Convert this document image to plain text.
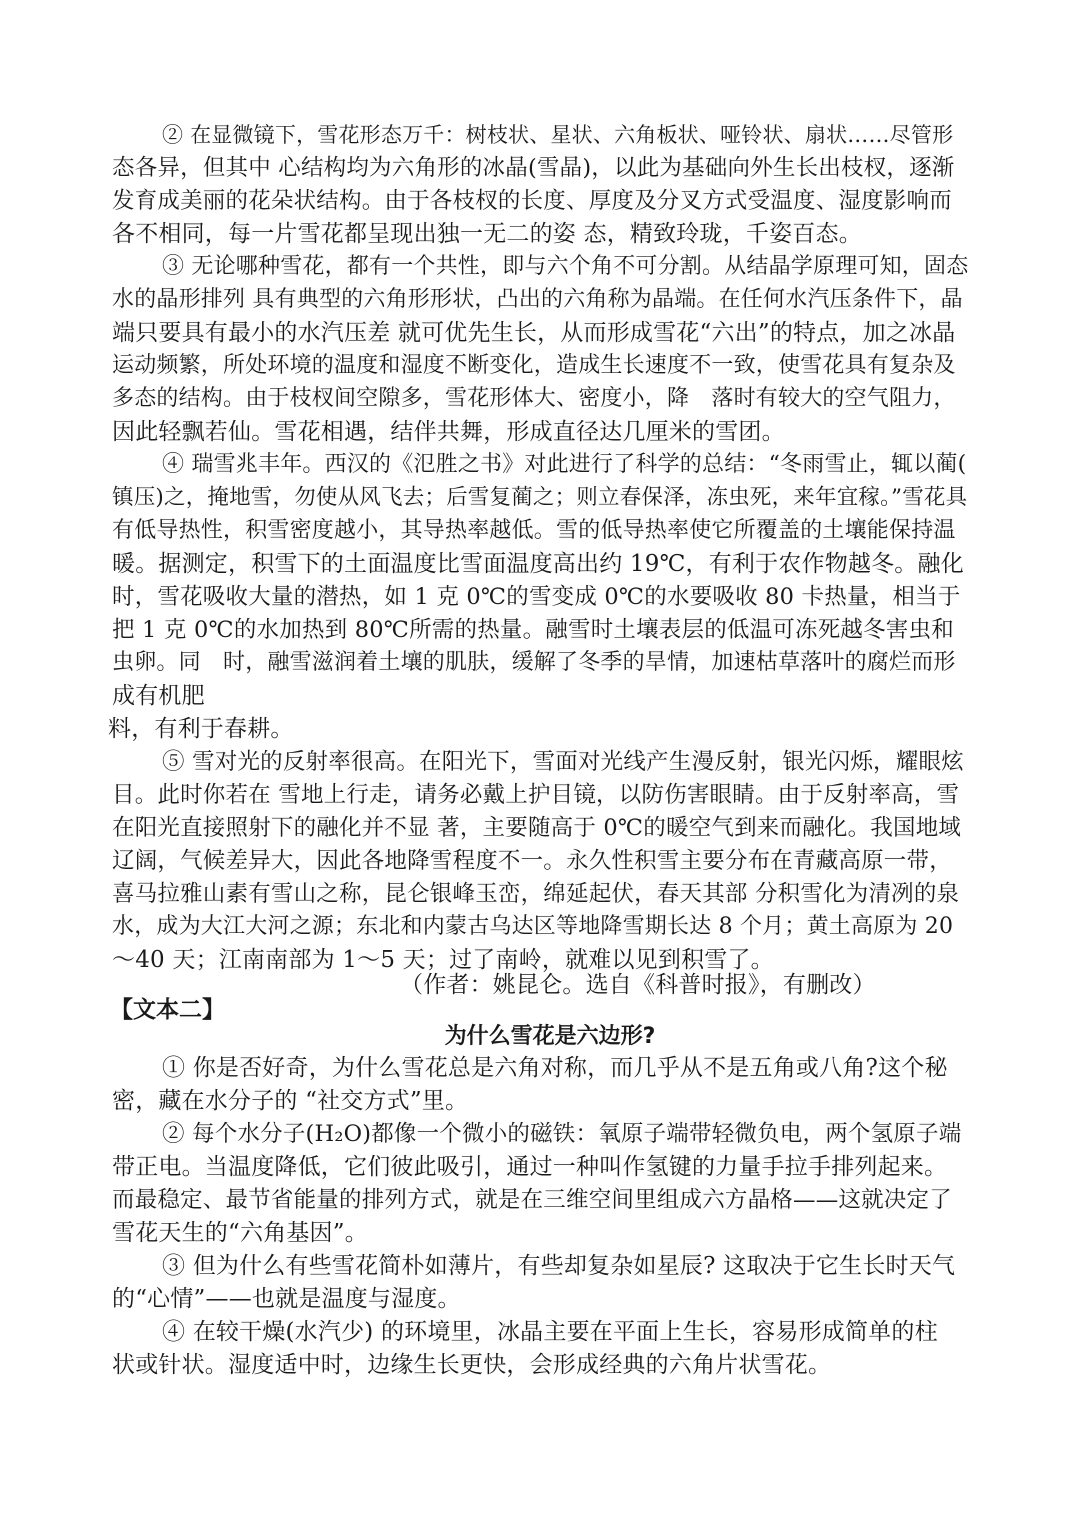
② 在显微镜下，雪花形态万千：树枝状、星状、六角板状、哑铃状、扇状……尽管形
态各异，但其中 心结构均为六角形的冰晶(雪晶)，以此为基础向外生长出枝杈，逐渐
发育成美丽的花朵状结构。由于各枝杈的长度、厚度及分叉方式受温度、湿度影响而
各不相同，每一片雪花都呈现出独一无二的姿 态，精致玲珑，千姿百态。
③ 无论哪种雪花，都有一个共性，即与六个角不可分割。从结晶学原理可知，固态
水的晶形排列 具有典型的六角形形状，凸出的六角称为晶端。在任何水汽压条件下，晶
端只要具有最小的水汽压差 就可优先生长，从而形成雪花“六出”的特点，加之冰晶
运动频繁，所处环境的温度和湿度不断变化，造成生长速度不一致，使雪花具有复杂及
多态的结构。由于枝杈间空隙多，雪花形体大、密度小，降　落时有较大的空气阻力，
因此轻飘若仙。雪花相遇，结伴共舞，形成直径达几厘米的雪团。
④ 瑞雪兆丰年。西汉的《氾胜之书》对此进行了科学的总结：“冬雨雪止，辄以蔺(
镇压)之，掩地雪，勿使从风飞去；后雪复蔺之；则立春保泽，冻虫死，来年宜稼。”雪花具
有低导热性，积雪密度越小，其导热率越低。雪的低导热率使它所覆盖的土壤能保持温
暖。据测定，积雪下的土面温度比雪面温度高出约 19℃，有利于农作物越冬。融化
时，雪花吸收大量的潜热，如 1 克 0℃的雪变成 0℃的水要吸收 80 卡热量，相当于
把 1 克 0℃的水加热到 80℃所需的热量。融雪时土壤表层的低温可冻死越冬害虫和
虫卵。同　时，融雪滋润着土壤的肌肤，缓解了冬季的旱情，加速枯草落叶的腐烂而形
成有机肥
料，有利于春耕。
⑤ 雪对光的反射率很高。在阳光下，雪面对光线产生漫反射，银光闪烁，耀眼炫
目。此时你若在 雪地上行走，请务必戴上护目镜，以防伤害眼睛。由于反射率高，雪
在阳光直接照射下的融化并不显 著，主要随高于 0℃的暖空气到来而融化。我国地域
辽阔，气候差异大，因此各地降雪程度不一。永久性积雪主要分布在青藏高原一带，
喜马拉雅山素有雪山之称，昆仑银峰玉峦，绵延起伏，春天其部 分积雪化为清冽的泉
水，成为大江大河之源；东北和内蒙古乌达区等地降雪期长达 8 个月；黄土高原为 20
～40 天；江南南部为 1～5 天；过了南岭，就难以见到积雪了。
（作者：姚昆仑。选自《科普时报》，有删改）
【文本二】
为什么雪花是六边形?
① 你是否好奇，为什么雪花总是六角对称，而几乎从不是五角或八角?这个秘
密，藏在水分子的 “社交方式”里。
② 每个水分子(H₂O)都像一个微小的磁铁：氧原子端带轻微负电，两个氢原子端
带正电。当温度降低，它们彼此吸引，通过一种叫作氢键的力量手拉手排列起来。
而最稳定、最节省能量的排列方式，就是在三维空间里组成六方晶格——这就决定了
雪花天生的“六角基因”。
③ 但为什么有些雪花简朴如薄片，有些却复杂如星辰? 这取决于它生长时天气
的“心情”——也就是温度与湿度。
④ 在较干燥(水汽少) 的环境里，冰晶主要在平面上生长，容易形成简单的柱
状或针状。湿度适中时，边缘生长更快，会形成经典的六角片状雪花。
